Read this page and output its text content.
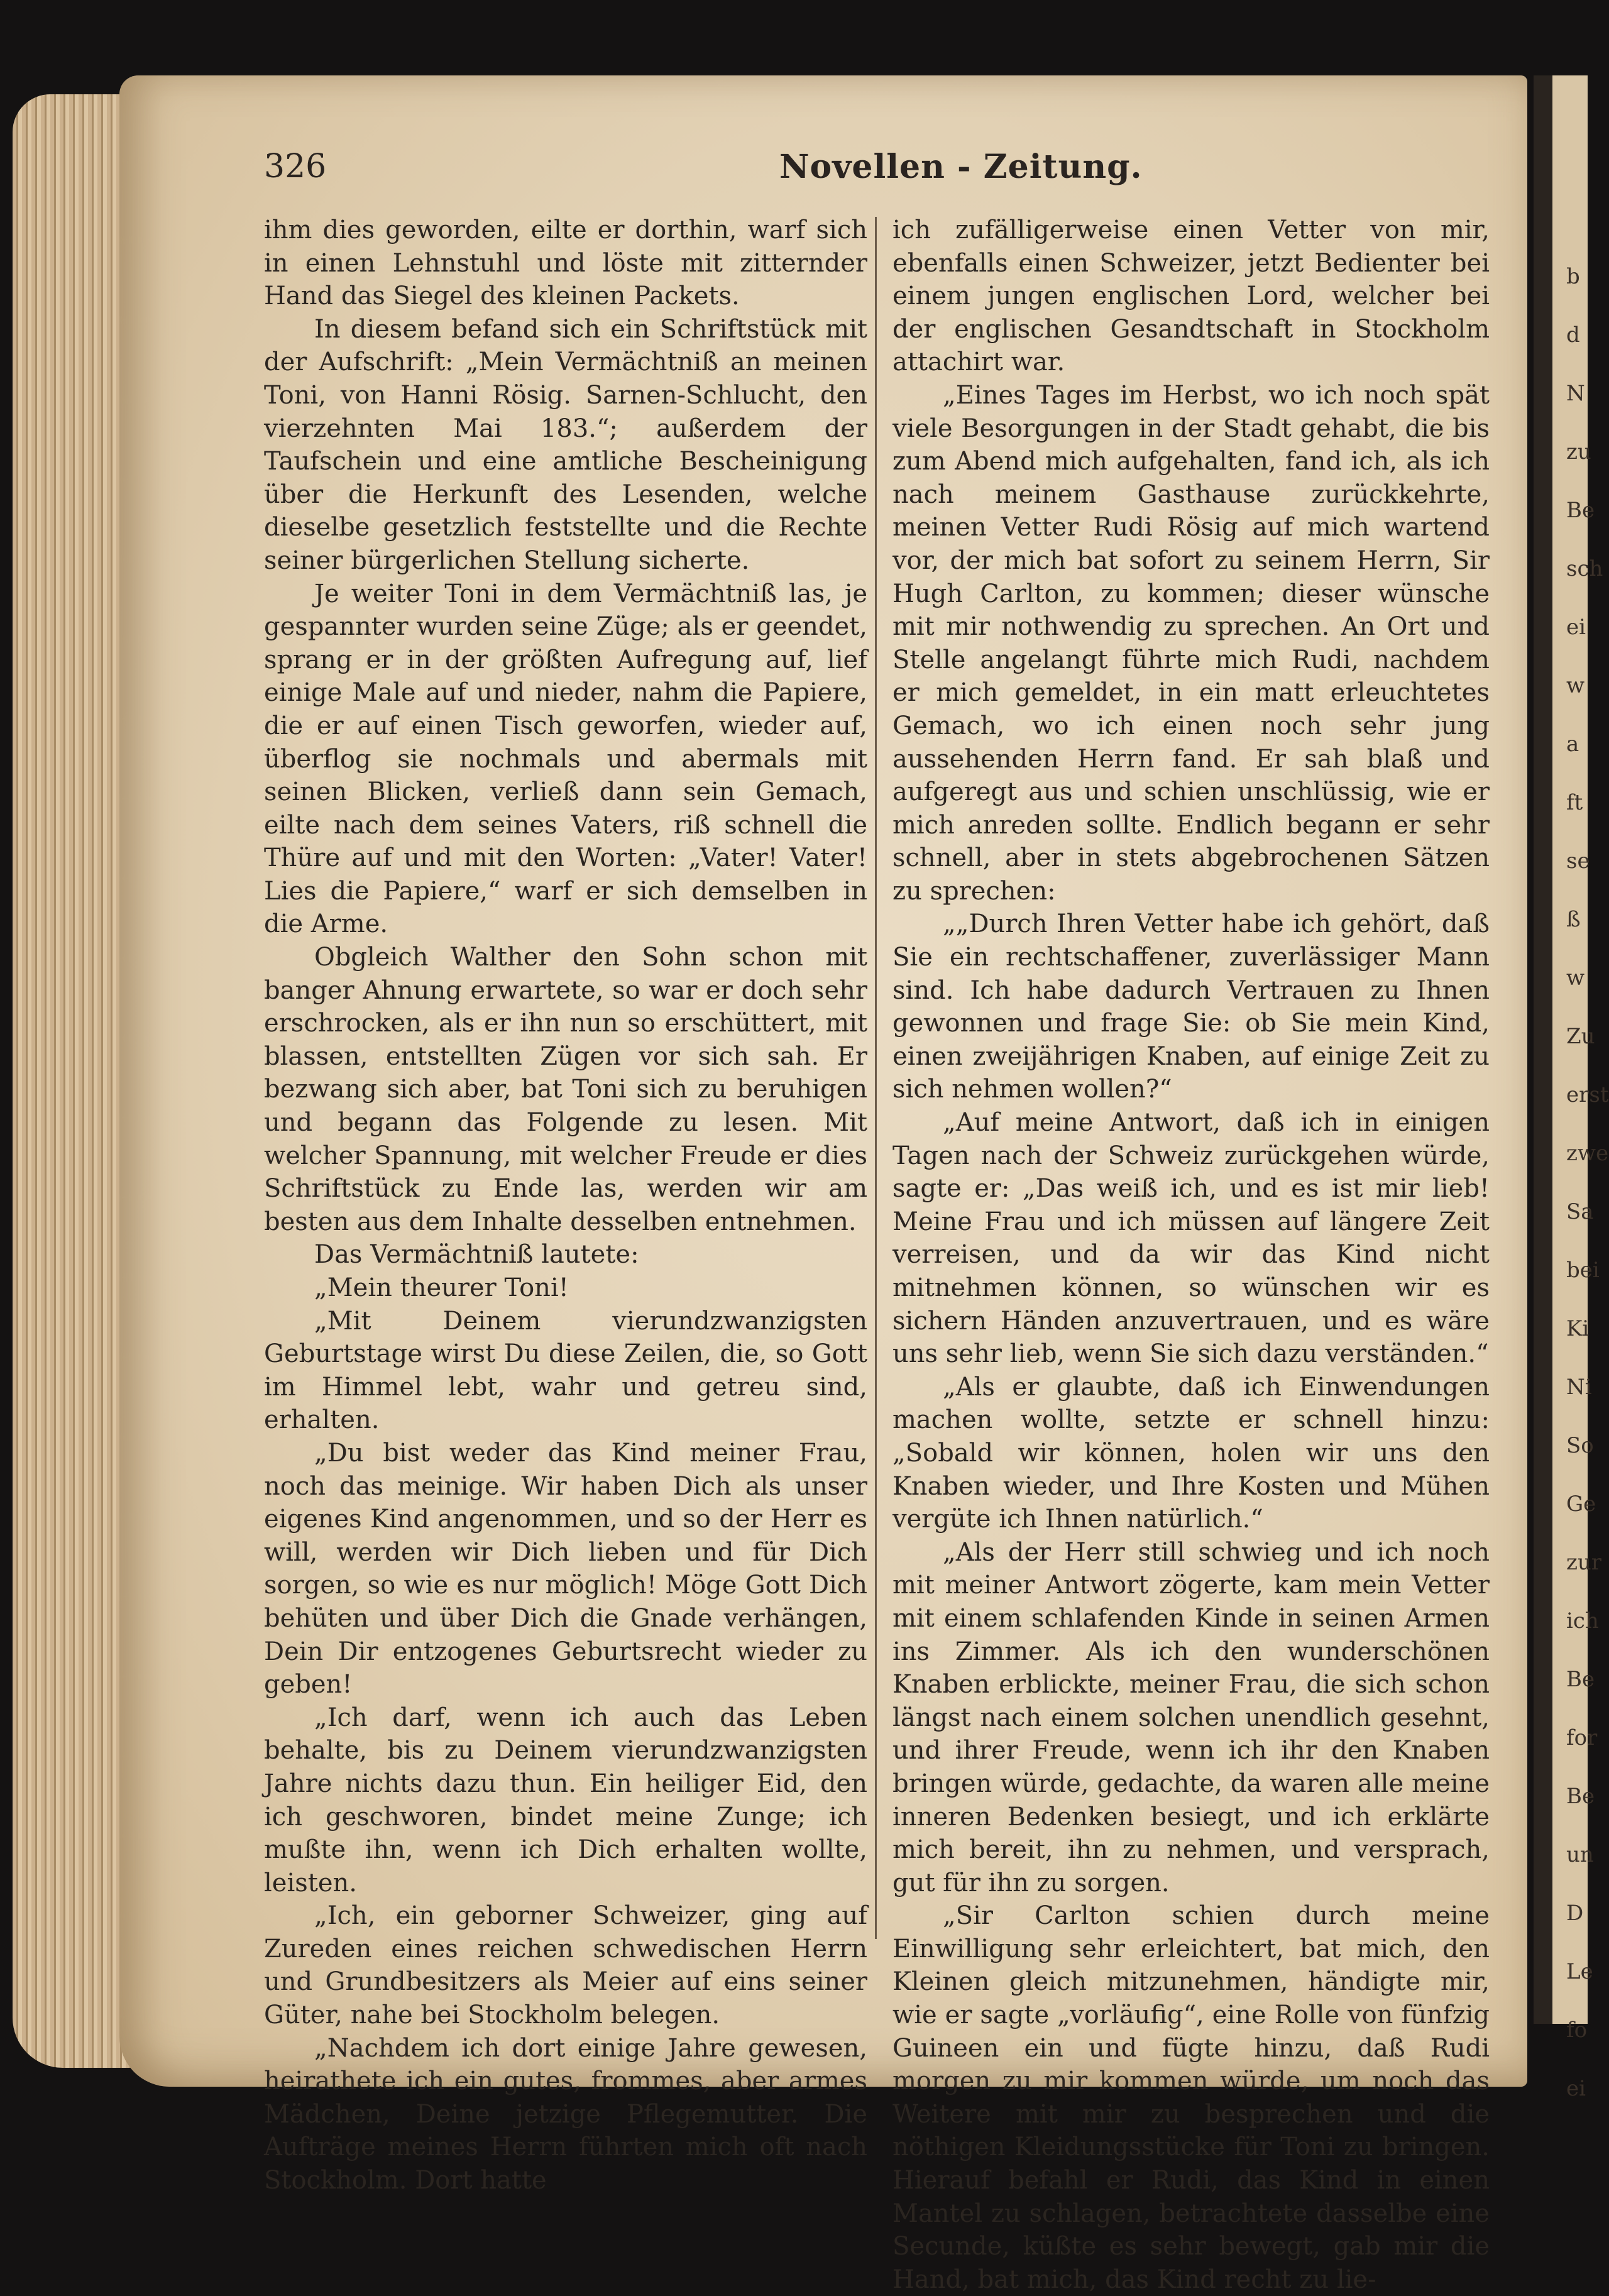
b
d
N
zu
Be
sch
ei
w
a
ft
se
ß
w
Zu
erst
zwe
Sa
bei
Ki
Ni
So
Ge
zur
ich
Be
for
Be
un
D
Le
fo
ei
326	Novellen - Zeitung.

ihm dies geworden, eilte er dorthin, warf sich in einen Lehnstuhl und löste mit zitternder Hand das Siegel des kleinen Packets.

In diesem befand sich ein Schriftstück mit der Aufschrift: „Mein Vermächtniß an meinen Toni, von Hanni Rösig. Sarnen-Schlucht, den vierzehnten Mai 183.“; außerdem der Taufschein und eine amtliche Bescheinigung über die Herkunft des Lesenden, welche dieselbe gesetzlich feststellte und die Rechte seiner bürgerlichen Stellung sicherte.

Je weiter Toni in dem Vermächtniß las, je gespannter wurden seine Züge; als er geendet, sprang er in der größten Aufregung auf, lief einige Male auf und nieder, nahm die Papiere, die er auf einen Tisch geworfen, wieder auf, überflog sie nochmals und abermals mit seinen Blicken, verließ dann sein Gemach, eilte nach dem seines Vaters, riß schnell die Thüre auf und mit den Worten: „Vater! Vater! Lies die Papiere,“ warf er sich demselben in die Arme.

Obgleich Walther den Sohn schon mit banger Ahnung erwartete, so war er doch sehr erschrocken, als er ihn nun so erschüttert, mit blassen, entstellten Zügen vor sich sah. Er bezwang sich aber, bat Toni sich zu beruhigen und begann das Folgende zu lesen. Mit welcher Spannung, mit welcher Freude er dies Schriftstück zu Ende las, werden wir am besten aus dem Inhalte desselben entnehmen.

Das Vermächtniß lautete:

„Mein theurer Toni!

„Mit Deinem vierundzwanzigsten Geburtstage wirst Du diese Zeilen, die, so Gott im Himmel lebt, wahr und getreu sind, erhalten.

„Du bist weder das Kind meiner Frau, noch das meinige. Wir haben Dich als unser eigenes Kind angenommen, und so der Herr es will, werden wir Dich lieben und für Dich sorgen, so wie es nur möglich! Möge Gott Dich behüten und über Dich die Gnade verhängen, Dein Dir entzogenes Geburtsrecht wieder zu geben!

„Ich darf, wenn ich auch das Leben behalte, bis zu Deinem vierundzwanzigsten Jahre nichts dazu thun. Ein heiliger Eid, den ich geschworen, bindet meine Zunge; ich mußte ihn, wenn ich Dich erhalten wollte, leisten.

„Ich, ein geborner Schweizer, ging auf Zureden eines reichen schwedischen Herrn und Grundbesitzers als Meier auf eins seiner Güter, nahe bei Stockholm belegen.

„Nachdem ich dort einige Jahre gewesen, heirathete ich ein gutes, frommes, aber armes Mädchen, Deine jetzige Pflegemutter. Die Aufträge meines Herrn führten mich oft nach Stockholm. Dort hatte

ich zufälligerweise einen Vetter von mir, ebenfalls einen Schweizer, jetzt Bedienter bei einem jungen englischen Lord, welcher bei der englischen Gesandtschaft in Stockholm attachirt war.

„Eines Tages im Herbst, wo ich noch spät viele Besorgungen in der Stadt gehabt, die bis zum Abend mich aufgehalten, fand ich, als ich nach meinem Gasthause zurückkehrte, meinen Vetter Rudi Rösig auf mich wartend vor, der mich bat sofort zu seinem Herrn, Sir Hugh Carlton, zu kommen; dieser wünsche mit mir nothwendig zu sprechen. An Ort und Stelle angelangt führte mich Rudi, nachdem er mich gemeldet, in ein matt erleuchtetes Gemach, wo ich einen noch sehr jung aussehenden Herrn fand. Er sah blaß und aufgeregt aus und schien unschlüssig, wie er mich anreden sollte. Endlich begann er sehr schnell, aber in stets abgebrochenen Sätzen zu sprechen:

„„Durch Ihren Vetter habe ich gehört, daß Sie ein rechtschaffener, zuverlässiger Mann sind. Ich habe dadurch Vertrauen zu Ihnen gewonnen und frage Sie: ob Sie mein Kind, einen zweijährigen Knaben, auf einige Zeit zu sich nehmen wollen?“

„Auf meine Antwort, daß ich in einigen Tagen nach der Schweiz zurückgehen würde, sagte er: „Das weiß ich, und es ist mir lieb! Meine Frau und ich müssen auf längere Zeit verreisen, und da wir das Kind nicht mitnehmen können, so wünschen wir es sichern Händen anzuvertrauen, und es wäre uns sehr lieb, wenn Sie sich dazu verständen.“

„Als er glaubte, daß ich Einwendungen machen wollte, setzte er schnell hinzu: „Sobald wir können, holen wir uns den Knaben wieder, und Ihre Kosten und Mühen vergüte ich Ihnen natürlich.“

„Als der Herr still schwieg und ich noch mit meiner Antwort zögerte, kam mein Vetter mit einem schlafenden Kinde in seinen Armen ins Zimmer. Als ich den wunderschönen Knaben erblickte, meiner Frau, die sich schon längst nach einem solchen unendlich gesehnt, und ihrer Freude, wenn ich ihr den Knaben bringen würde, gedachte, da waren alle meine inneren Bedenken besiegt, und ich erklärte mich bereit, ihn zu nehmen, und versprach, gut für ihn zu sorgen.

„Sir Carlton schien durch meine Einwilligung sehr erleichtert, bat mich, den Kleinen gleich mitzunehmen, händigte mir, wie er sagte „vorläufig“, eine Rolle von fünfzig Guineen ein und fügte hinzu, daß Rudi morgen zu mir kommen würde, um noch das Weitere mit mir zu besprechen und die nöthigen Kleidungsstücke für Toni zu bringen. Hierauf befahl er Rudi, das Kind in einen Mantel zu schlagen, betrachtete dasselbe eine Secunde, küßte es sehr bewegt, gab mir die Hand, bat mich, das Kind recht zu lie-
